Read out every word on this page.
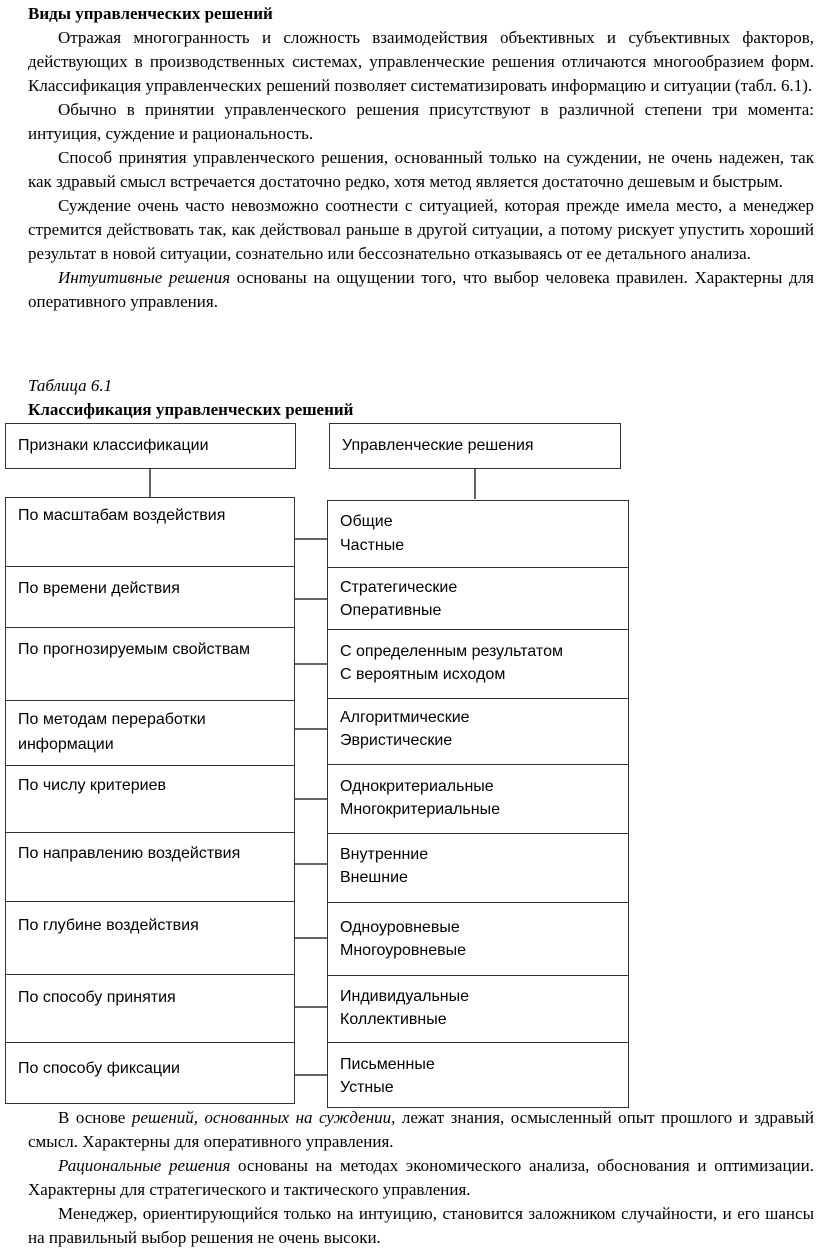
Виды управленческих решений

Отражая многогранность и сложность взаимодействия объективных и субъективных факторов, действующих в производственных системах, управленческие решения отличаются многообразием форм. Классификация управленческих решений позволяет систематизировать информацию и ситуации (табл. 6.1).

Обычно в принятии управленческого решения присутствуют в различной степени три момента: интуиция, суждение и рациональность.

Способ принятия управленческого решения, основанный только на суждении, не очень надежен, так как здравый смысл встречается достаточно редко, хотя метод является достаточно дешевым и быстрым.

Суждение очень часто невозможно соотнести с ситуацией, которая прежде имела место, а менеджер стремится действовать так, как действовал раньше в другой ситуации, а потому рискует упустить хороший результат в новой ситуации, сознательно или бессознательно отказываясь от ее детального анализа.

Интуитивные решения основаны на ощущении того, что выбор человека правилен. Характерны для оперативного управления.

Таблица 6.1

Классификация управленческих решений

Признаки классификации	Управленческие решения
По масштабам воздействия
По времени действия
По прогнозируемым свойствам
По методам переработки
информации
По числу критериев
По направлению воздействия
По глубине воздействия
По способу принятия
По способу фиксации
Общие
Частные
Стратегические
Оперативные
С определенным результатом
С вероятным исходом
Алгоритмические
Эвристические
Однокритериальные
Многокритериальные
Внутренние
Внешние
Одноуровневые
Многоуровневые
Индивидуальные
Коллективные
Письменные
Устные

В основе решений, основанных на суждении, лежат знания, осмысленный опыт прошлого и здравый смысл. Характерны для оперативного управления.

Рациональные решения основаны на методах экономического анализа, обоснования и оптимизации. Характерны для стратегического и тактического управления.

Менеджер, ориентирующийся только на интуицию, становится заложником случайности, и его шансы на правильный выбор решения не очень высоки.
